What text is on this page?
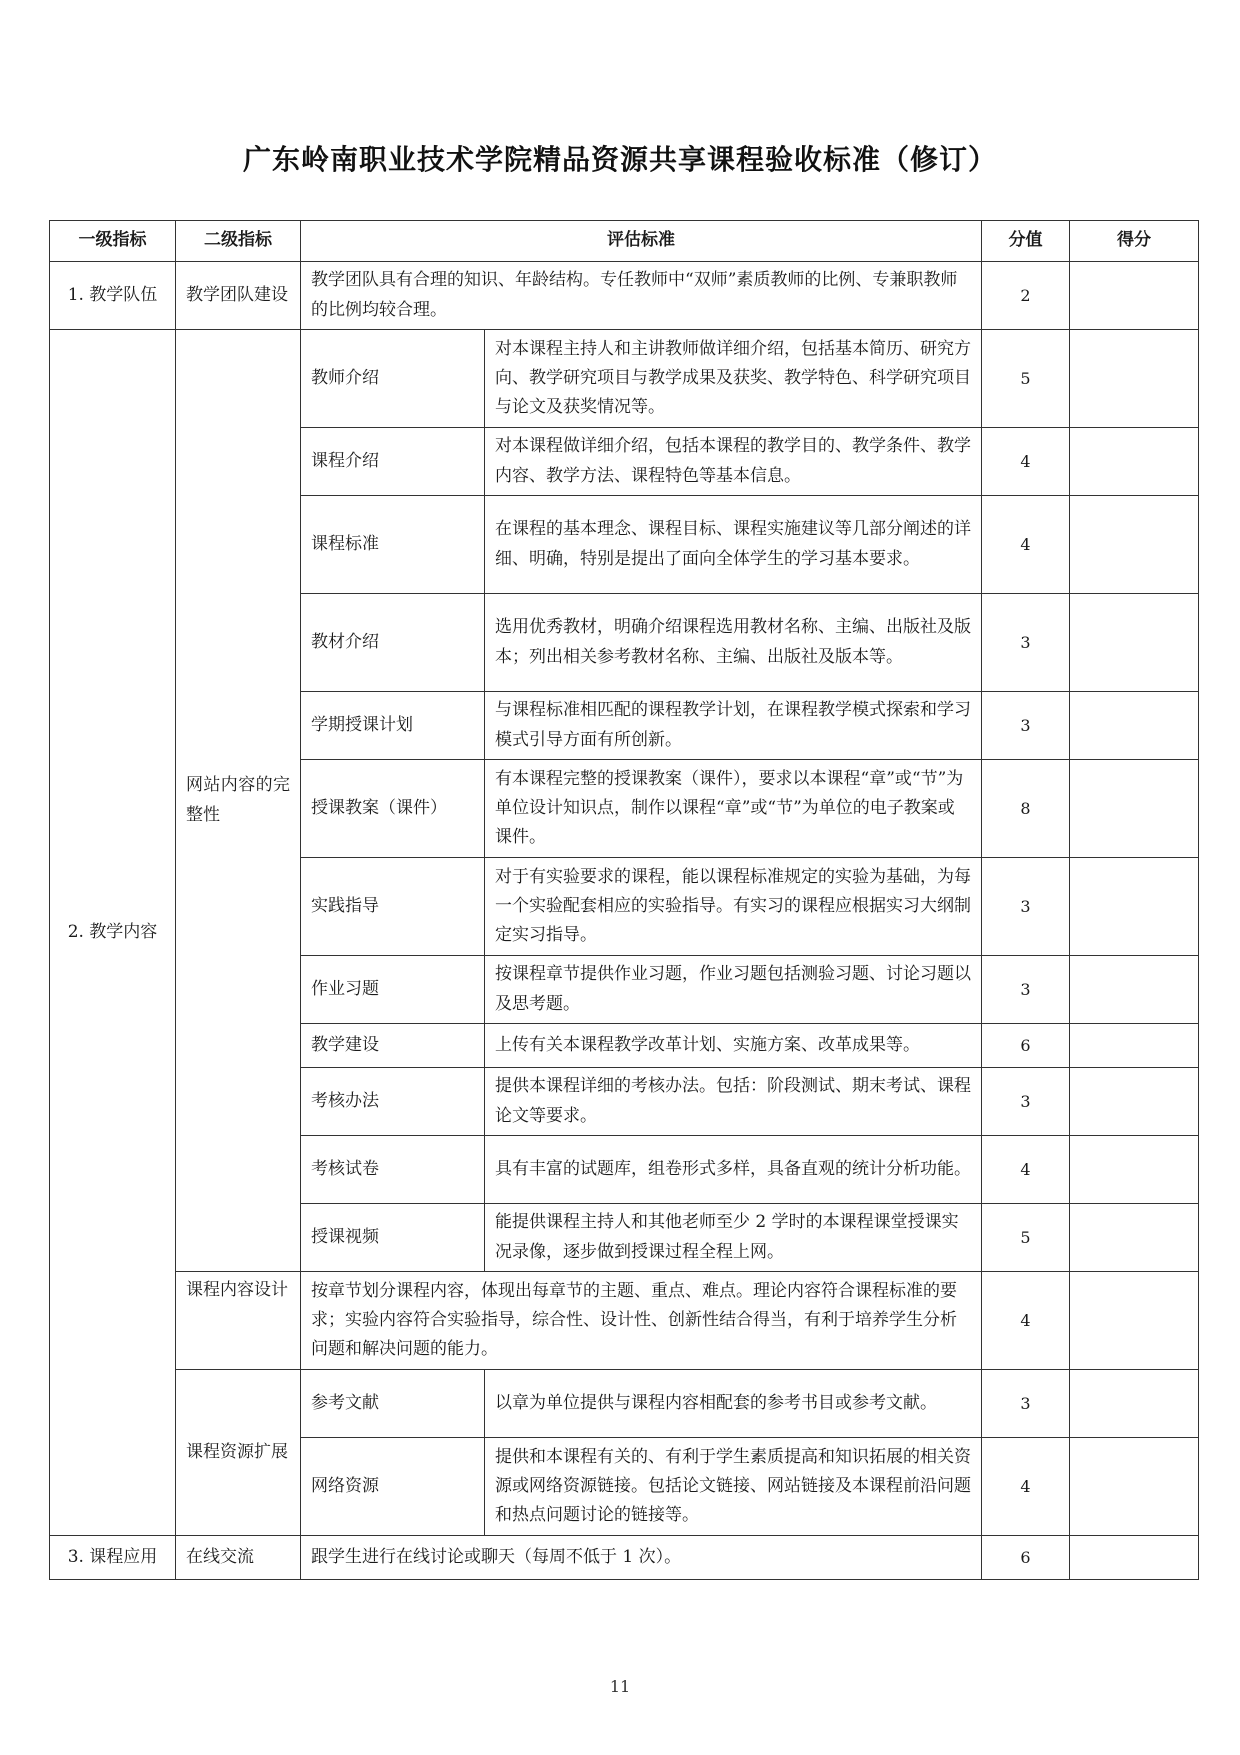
广东岭南职业技术学院精品资源共享课程验收标准（修订）
一级指标	二级指标	评估标准		分值	得分
1. 教学队伍	教学团队建设	教学团队具有合理的知识、年龄结构。专任教师中“双师”素质教师的比例、专兼职教师的比例均较合理。		2	
2. 教学内容	网站内容的完整性	教师介绍	对本课程主持人和主讲教师做详细介绍，包括基本简历、研究方向、教学研究项目与教学成果及获奖、教学特色、科学研究项目与论文及获奖情况等。	5	
		课程介绍	对本课程做详细介绍，包括本课程的教学目的、教学条件、教学内容、教学方法、课程特色等基本信息。	4	
		课程标准	在课程的基本理念、课程目标、课程实施建议等几部分阐述的详细、明确，特别是提出了面向全体学生的学习基本要求。	4	
		教材介绍	选用优秀教材，明确介绍课程选用教材名称、主编、出版社及版本；列出相关参考教材名称、主编、出版社及版本等。	3	
		学期授课计划	与课程标准相匹配的课程教学计划，在课程教学模式探索和学习模式引导方面有所创新。	3	
		授课教案（课件）	有本课程完整的授课教案（课件），要求以本课程“章”或“节”为单位设计知识点，制作以课程“章”或“节”为单位的电子教案或课件。	8	
		实践指导	对于有实验要求的课程，能以课程标准规定的实验为基础，为每一个实验配套相应的实验指导。有实习的课程应根据实习大纲制定实习指导。	3	
		作业习题	按课程章节提供作业习题，作业习题包括测验习题、讨论习题以及思考题。	3	
		教学建设	上传有关本课程教学改革计划、实施方案、改革成果等。	6	
		考核办法	提供本课程详细的考核办法。包括：阶段测试、期末考试、课程论文等要求。	3	
		考核试卷	具有丰富的试题库，组卷形式多样，具备直观的统计分析功能。	4	
		授课视频	能提供课程主持人和其他老师至少 2 学时的本课程课堂授课实况录像，逐步做到授课过程全程上网。	5	
	课程内容设计	按章节划分课程内容，体现出每章节的主题、重点、难点。理论内容符合课程标准的要求；实验内容符合实验指导，综合性、设计性、创新性结合得当，有利于培养学生分析问题和解决问题的能力。		4	
	课程资源扩展	参考文献	以章为单位提供与课程内容相配套的参考书目或参考文献。	3	
		网络资源	提供和本课程有关的、有利于学生素质提高和知识拓展的相关资源或网络资源链接。包括论文链接、网站链接及本课程前沿问题和热点问题讨论的链接等。	4	
3. 课程应用	在线交流	跟学生进行在线讨论或聊天（每周不低于 1 次）。		6	
11
